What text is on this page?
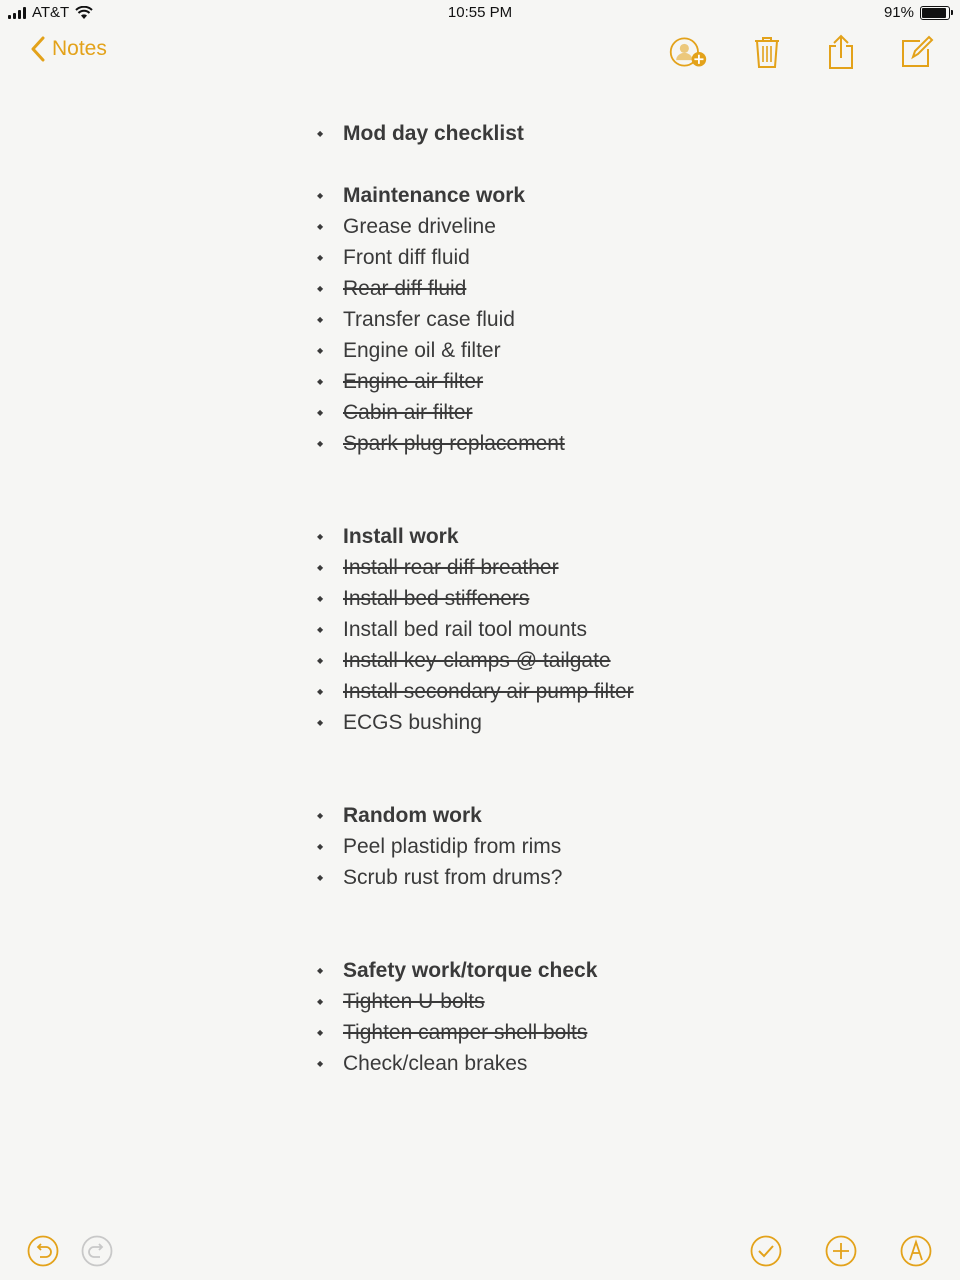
AT&T	10:55 PM	91%
Notes
◆ Mod day checklist
◆ Maintenance work
◆ Grease driveline
◆ Front diff fluid
◆ Rear diff fluid
◆ Transfer case fluid
◆ Engine oil & filter
◆ Engine air filter
◆ Cabin air filter
◆ Spark plug replacement
◆ Install work
◆ Install rear diff breather
◆ Install bed stiffeners
◆ Install bed rail tool mounts
◆ Install key-clamps @ tailgate
◆ Install secondary air pump filter
◆ ECGS bushing
◆ Random work
◆ Peel plastidip from rims
◆ Scrub rust from drums?
◆ Safety work/torque check
◆ Tighten U-bolts
◆ Tighten camper shell bolts
◆ Check/clean brakes
